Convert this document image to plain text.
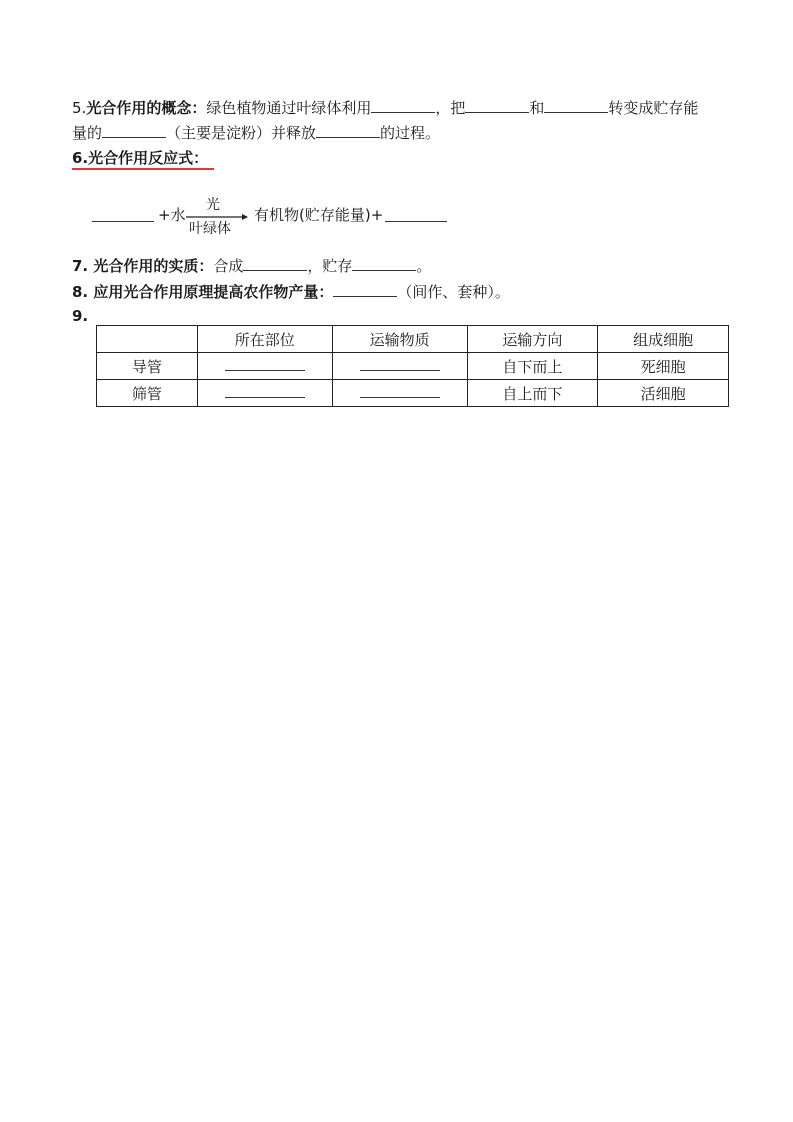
5.光合作用的概念：绿色植物通过叶绿体利用	，把	和	转变成贮存能
量的	（主要是淀粉）并释放	的过程。
6.光合作用反应式：
+水
光
叶绿体
有机物(贮存能量)+
7. 光合作用的实质：合成	，贮存	。
8. 应用光合作用原理提高农作物产量：	（间作、套种）。
9.
	所在部位	运输物质	运输方向	组成细胞
导管			自下而上	死细胞
筛管			自上而下	活细胞
